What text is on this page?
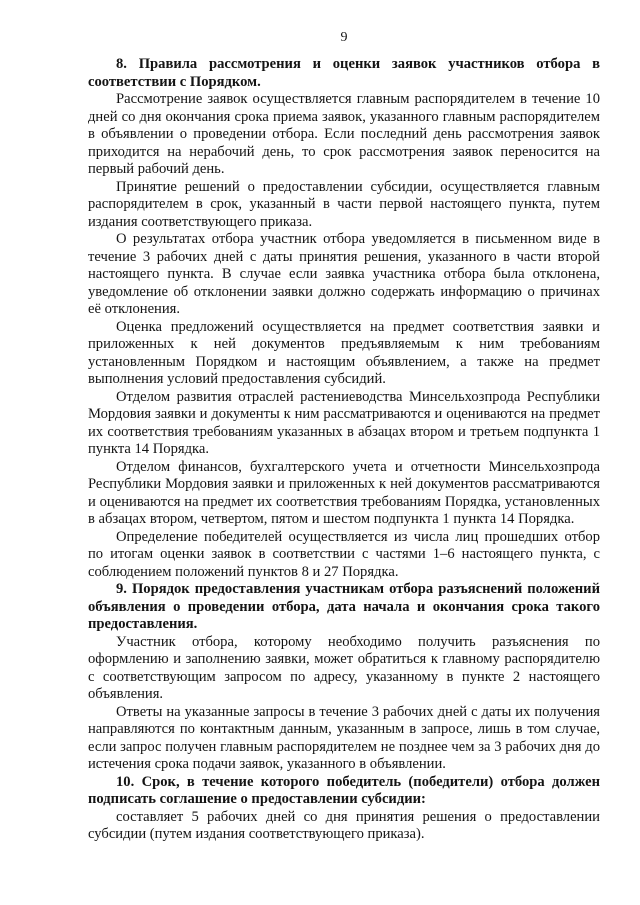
9

8. Правила рассмотрения и оценки заявок участников отбора в соответствии с Порядком.

Рассмотрение заявок осуществляется главным распорядителем в течение 10 дней со дня окончания срока приема заявок, указанного главным распорядителем в объявлении о проведении отбора. Если последний день рассмотрения заявок приходится на нерабочий день, то срок рассмотрения заявок переносится на первый рабочий день.

Принятие решений о предоставлении субсидии, осуществляется главным распорядителем в срок, указанный в части первой настоящего пункта, путем издания соответствующего приказа.

О результатах отбора участник отбора уведомляется в письменном виде в течение 3 рабочих дней с даты принятия решения, указанного в части второй настоящего пункта. В случае если заявка участника отбора была отклонена, уведомление об отклонении заявки должно содержать информацию о причинах её отклонения.

Оценка предложений осуществляется на предмет соответствия заявки и приложенных к ней документов предъявляемым к ним требованиям установленным Порядком и настоящим объявлением, а также на предмет выполнения условий предоставления субсидий.

Отделом развития отраслей растениеводства Минсельхозпрода Республики Мордовия заявки и документы к ним рассматриваются и оцениваются на предмет их соответствия требованиям указанных в абзацах втором и третьем подпункта 1 пункта 14 Порядка.

Отделом финансов, бухгалтерского учета и отчетности Минсельхозпрода Республики Мордовия заявки и приложенных к ней документов рассматриваются и оцениваются на предмет их соответствия требованиям Порядка, установленных в абзацах втором, четвертом, пятом и шестом подпункта 1 пункта 14 Порядка.

Определение победителей осуществляется из числа лиц прошедших отбор по итогам оценки заявок в соответствии с частями 1–6 настоящего пункта, с соблюдением положений пунктов 8 и 27 Порядка.

9. Порядок предоставления участникам отбора разъяснений положений объявления о проведении отбора, дата начала и окончания срока такого предоставления.

Участник отбора, которому необходимо получить разъяснения по оформлению и заполнению заявки, может обратиться к главному распорядителю с соответствующим запросом по адресу, указанному в пункте 2 настоящего объявления.

Ответы на указанные запросы в течение 3 рабочих дней с даты их получения направляются по контактным данным, указанным в запросе, лишь в том случае, если запрос получен главным распорядителем не позднее чем за 3 рабочих дня до истечения срока подачи заявок, указанного в объявлении.

10. Срок, в течение которого победитель (победители) отбора должен подписать соглашение о предоставлении субсидии:

составляет 5 рабочих дней со дня принятия решения о предоставлении субсидии (путем издания соответствующего приказа).
